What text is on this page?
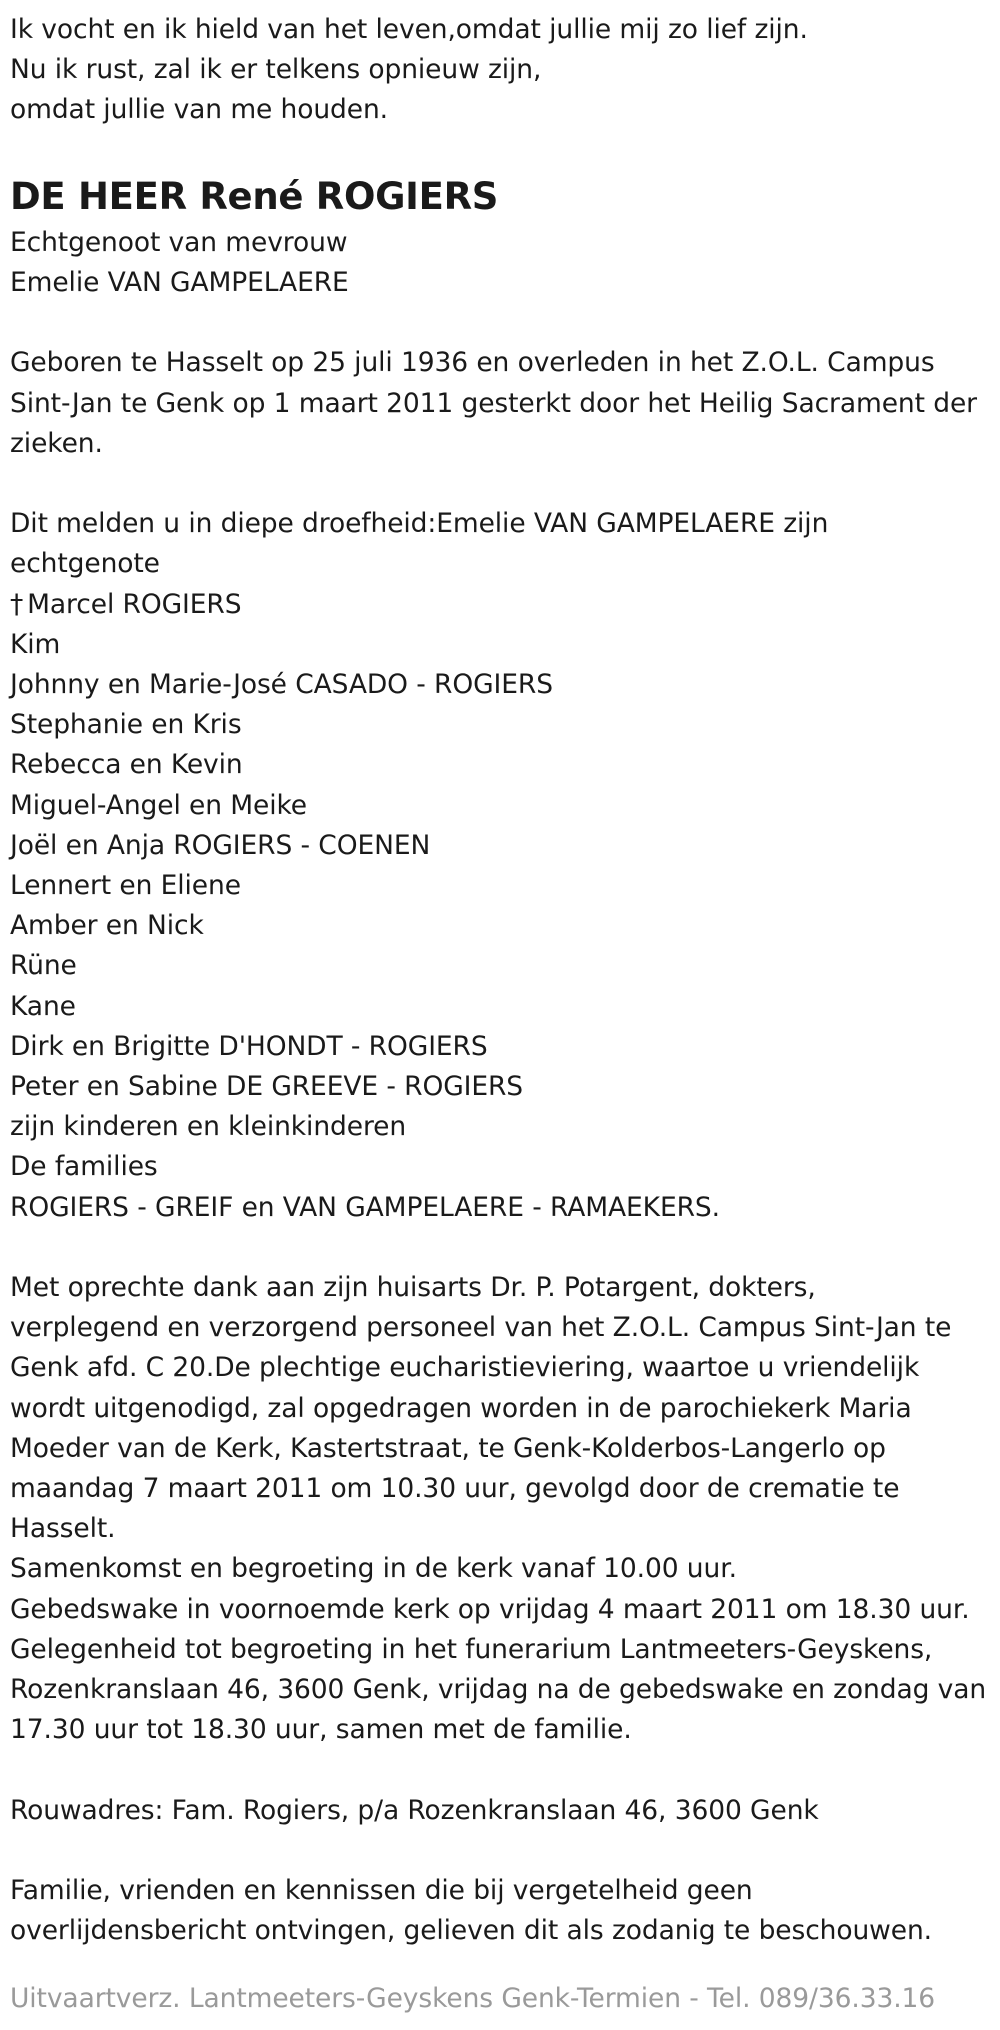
Ik vocht en ik hield van het leven,omdat jullie mij zo lief zijn.
Nu ik rust, zal ik er telkens opnieuw zijn,
omdat jullie van me houden.
DE HEER René ROGIERS
Echtgenoot van mevrouw
Emelie VAN GAMPELAERE
Geboren te Hasselt op 25 juli 1936 en overleden in het Z.O.L. Campus
Sint-Jan te Genk op 1 maart 2011 gesterkt door het Heilig Sacrament der
zieken.
Dit melden u in diepe droefheid:Emelie VAN GAMPELAERE zijn
echtgenote
† Marcel ROGIERS
Kim
Johnny en Marie-José CASADO - ROGIERS
Stephanie en Kris
Rebecca en Kevin
Miguel-Angel en Meike
Joël en Anja ROGIERS - COENEN
Lennert en Eliene
Amber en Nick
Rüne
Kane
Dirk en Brigitte D'HONDT - ROGIERS
Peter en Sabine DE GREEVE - ROGIERS
zijn kinderen en kleinkinderen
De families
ROGIERS - GREIF en VAN GAMPELAERE - RAMAEKERS.
Met oprechte dank aan zijn huisarts Dr. P. Potargent, dokters,
verplegend en verzorgend personeel van het Z.O.L. Campus Sint-Jan te
Genk afd. C 20.De plechtige eucharistieviering, waartoe u vriendelijk
wordt uitgenodigd, zal opgedragen worden in de parochiekerk Maria
Moeder van de Kerk, Kastertstraat, te Genk-Kolderbos-Langerlo op
maandag 7 maart 2011 om 10.30 uur, gevolgd door de crematie te
Hasselt.
Samenkomst en begroeting in de kerk vanaf 10.00 uur.
Gebedswake in voornoemde kerk op vrijdag 4 maart 2011 om 18.30 uur.
Gelegenheid tot begroeting in het funerarium Lantmeeters-Geyskens,
Rozenkranslaan 46, 3600 Genk, vrijdag na de gebedswake en zondag van
17.30 uur tot 18.30 uur, samen met de familie.
Rouwadres: Fam. Rogiers, p/a Rozenkranslaan 46, 3600 Genk
Familie, vrienden en kennissen die bij vergetelheid geen
overlijdensbericht ontvingen, gelieven dit als zodanig te beschouwen.
Uitvaartverz. Lantmeeters-Geyskens Genk-Termien - Tel. 089/36.33.16
